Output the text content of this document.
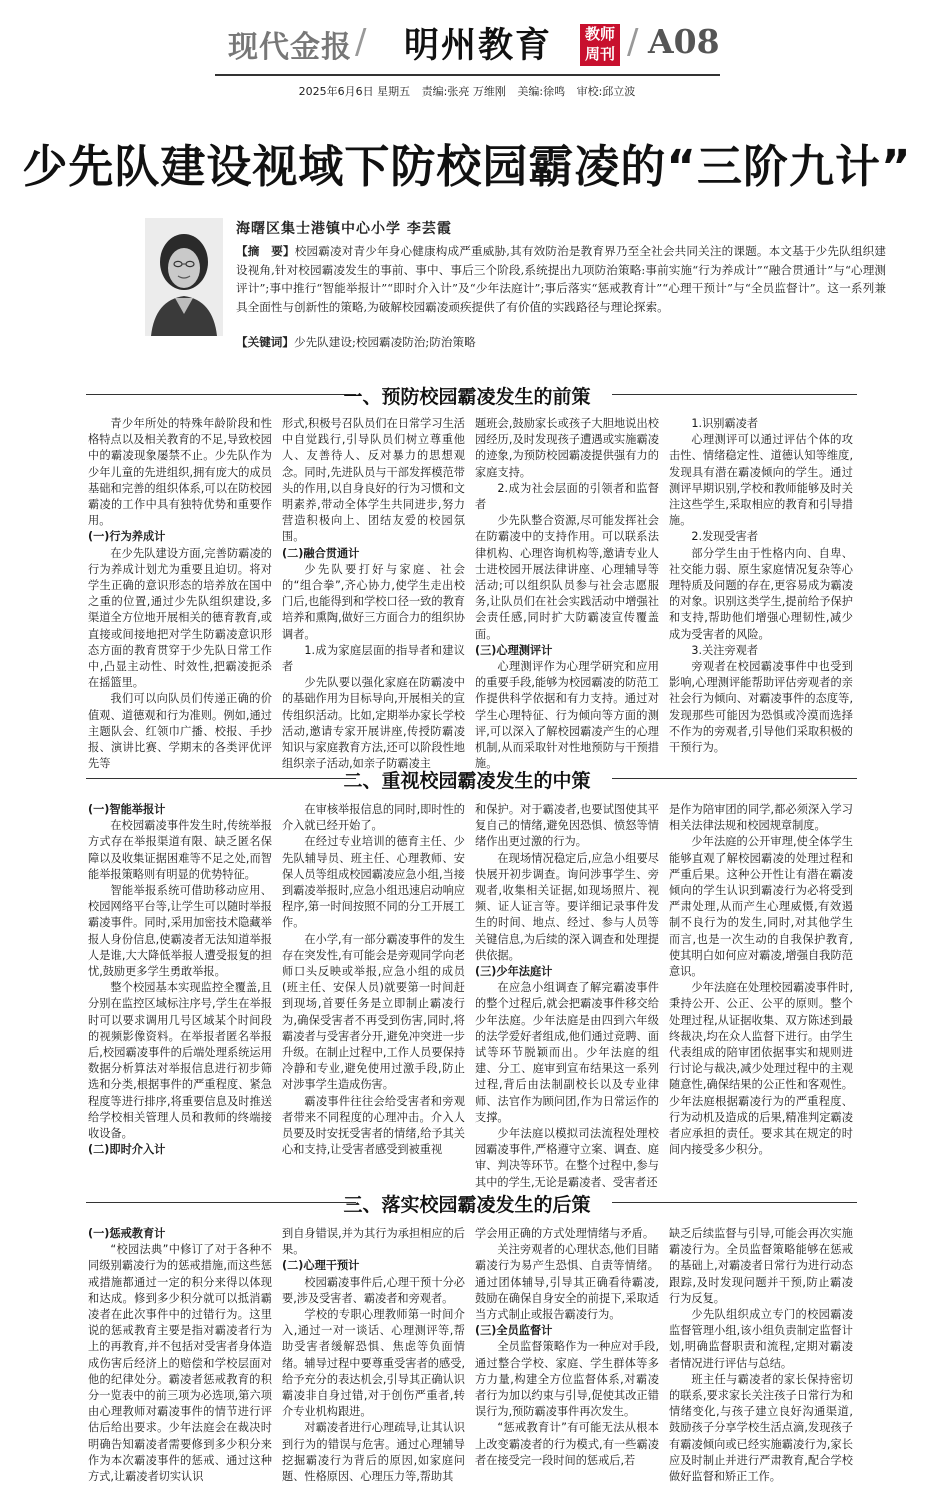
现代金报 / 明州教育	教师
周刊 / A08
2025年6月6日 星期五 责编:张亮 万维刚 美编:徐鸣 审校:邱立波
少先队建设视域下防校园霸凌的“三阶九计”
海曙区集士港镇中心小学 李芸霞
【摘　要】校园霸凌对青少年身心健康构成严重威胁,其有效防治是教育界乃至全社会共同关注的课题。本文基于少先队组织建设视角,针对校园霸凌发生的事前、事中、事后三个阶段,系统提出九项防治策略:事前实施“行为养成计”“融合贯通计”与“心理测评计”;事中推行“智能举报计”“即时介入计”及“少年法庭计”;事后落实“惩戒教育计”“心理干预计”与“全员监督计”。这一系列兼具全面性与创新性的策略,为破解校园霸凌顽疾提供了有价值的实践路径与理论探索。
【关键词】少先队建设;校园霸凌防治;防治策略
一、预防校园霸凌发生的前策

青少年所处的特殊年龄阶段和性格特点以及相关教育的不足,导致校园中的霸凌现象屡禁不止。少先队作为少年儿童的先进组织,拥有庞大的成员基础和完善的组织体系,可以在防校园霸凌的工作中具有独特优势和重要作用。

(一)行为养成计

在少先队建设方面,完善防霸凌的行为养成计划尤为重要且迫切。将对学生正确的意识形态的培养放在国中之重的位置,通过少先队组织建设,多渠道全方位地开展相关的德育教育,或直接或间接地把对学生防霸凌意识形态方面的教育贯穿于少先队日常工作中,凸显主动性、时效性,把霸凌扼杀在摇篮里。

我们可以向队员们传递正确的价值观、道德观和行为准则。例如,通过主题队会、红领巾广播、校报、手抄报、演讲比赛、学期末的各类评优评先等

形式,积极号召队员们在日常学习生活中自觉践行,引导队员们树立尊重他人、友善待人、反对暴力的思想观念。同时,先进队员与干部发挥模范带头的作用,以自身良好的行为习惯和文明素养,带动全体学生共同进步,努力营造积极向上、团结友爱的校园氛围。

(二)融合贯通计

少先队要打好与家庭、社会的“组合拳”,齐心协力,使学生走出校门后,也能得到和学校口径一致的教育培养和熏陶,做好三方面合力的组织协调者。

1.成为家庭层面的指导者和建议者

少先队要以强化家庭在防霸凌中的基础作用为目标导向,开展相关的宣传组织活动。比如,定期举办家长学校活动,邀请专家开展讲座,传授防霸凌知识与家庭教育方法,还可以阶段性地组织亲子活动,如亲子防霸凌主

题班会,鼓励家长或孩子大胆地说出校园经历,及时发现孩子遭遇或实施霸凌的迹象,为预防校园霸凌提供强有力的家庭支持。

2.成为社会层面的引领者和监督者

少先队整合资源,尽可能发挥社会在防霸凌中的支持作用。可以联系法律机构、心理咨询机构等,邀请专业人士进校园开展法律讲座、心理辅导等活动;可以组织队员参与社会志愿服务,让队员们在社会实践活动中增强社会责任感,同时扩大防霸凌宣传覆盖面。

(三)心理测评计

心理测评作为心理学研究和应用的重要手段,能够为校园霸凌的防范工作提供科学依据和有力支持。通过对学生心理特征、行为倾向等方面的测评,可以深入了解校园霸凌产生的心理机制,从而采取针对性地预防与干预措施。

1.识别霸凌者

心理测评可以通过评估个体的攻击性、情绪稳定性、道德认知等维度,发现具有潜在霸凌倾向的学生。通过测评早期识别,学校和教师能够及时关注这些学生,采取相应的教育和引导措施。

2.发现受害者

部分学生由于性格内向、自卑、社交能力弱、原生家庭情况复杂等心理特质及问题的存在,更容易成为霸凌的对象。识别这类学生,提前给予保护和支持,帮助他们增强心理韧性,减少成为受害者的风险。

3.关注旁观者

旁观者在校园霸凌事件中也受到影响,心理测评能帮助评估旁观者的亲社会行为倾向、对霸凌事件的态度等,发现那些可能因为恐惧或冷漠而选择不作为的旁观者,引导他们采取积极的干预行为。

二、重视校园霸凌发生的中策

(一)智能举报计

在校园霸凌事件发生时,传统举报方式存在举报渠道有限、缺乏匿名保障以及收集证据困难等不足之处,而智能举报策略则有明显的优势特征。

智能举报系统可借助移动应用、校园网络平台等,让学生可以随时举报霸凌事件。同时,采用加密技术隐藏举报人身份信息,使霸凌者无法知道举报人是谁,大大降低举报人遭受报复的担忧,鼓励更多学生勇敢举报。

整个校园基本实现监控全覆盖,且分别在监控区域标注序号,学生在举报时可以要求调用几号区域某个时间段的视频影像资料。在举报者匿名举报后,校园霸凌事件的后端处理系统运用数据分析算法对举报信息进行初步筛选和分类,根据事件的严重程度、紧急程度等进行排序,将重要信息及时推送给学校相关管理人员和教师的终端接收设备。

(二)即时介入计

在审核举报信息的同时,即时性的介入就已经开始了。

在经过专业培训的德育主任、少先队辅导员、班主任、心理教师、安保人员等组成校园霸凌应急小组,当接到霸凌举报时,应急小组迅速启动响应程序,第一时间按照不同的分工开展工作。

在小学,有一部分霸凌事件的发生存在突发性,有可能会是旁观同学向老师口头反映或举报,应急小组的成员(班主任、安保人员)就要第一时间赶到现场,首要任务是立即制止霸凌行为,确保受害者不再受到伤害,同时,将霸凌者与受害者分开,避免冲突进一步升级。在制止过程中,工作人员要保持冷静和专业,避免使用过激手段,防止对涉事学生造成伤害。

霸凌事件往往会给受害者和旁观者带来不同程度的心理冲击。介入人员要及时安抚受害者的情绪,给予其关心和支持,让受害者感受到被重视

和保护。对于霸凌者,也要试图使其平复自己的情绪,避免因恐惧、愤怒等情绪作出更过激的行为。

在现场情况稳定后,应急小组要尽快展开初步调查。询问涉事学生、旁观者,收集相关证据,如现场照片、视频、证人证言等。要详细记录事件发生的时间、地点、经过、参与人员等关键信息,为后续的深入调查和处理提供依据。

(三)少年法庭计

在应急小组调查了解完霸凌事件的整个过程后,就会把霸凌事件移交给少年法庭。少年法庭是由四到六年级的法学爱好者组成,他们通过竞聘、面试等环节脱颖而出。少年法庭的组建、分工、庭审到宣布结果这一系列过程,背后由法制副校长以及专业律师、法官作为顾问团,作为日常运作的支撑。

少年法庭以模拟司法流程处理校园霸凌事件,严格遵守立案、调查、庭审、判决等环节。在整个过程中,参与其中的学生,无论是霸凌者、受害者还

是作为陪审团的同学,都必须深入学习相关法律法规和校园规章制度。

少年法庭的公开审理,使全体学生能够直观了解校园霸凌的处理过程和严重后果。这种公开性让有潜在霸凌倾向的学生认识到霸凌行为必将受到严肃处理,从而产生心理威慑,有效遏制不良行为的发生,同时,对其他学生而言,也是一次生动的自我保护教育,使其明白如何应对霸凌,增强自我防范意识。

少年法庭在处理校园霸凌事件时,秉持公开、公正、公平的原则。整个处理过程,从证据收集、双方陈述到最终裁决,均在众人监督下进行。由学生代表组成的陪审团依据事实和规则进行讨论与裁决,减少处理过程中的主观随意性,确保结果的公正性和客观性。少年法庭根据霸凌行为的严重程度、行为动机及造成的后果,精准判定霸凌者应承担的责任。要求其在规定的时间内接受多少积分。

三、落实校园霸凌发生的后策

(一)惩戒教育计

“校园法典”中修订了对于各种不同级别霸凌行为的惩戒措施,而这些惩戒措施都通过一定的积分来得以体现和达成。修到多少积分就可以抵消霸凌者在此次事件中的过错行为。这里说的惩戒教育主要是指对霸凌者行为上的再教育,并不包括对受害者身体造成伤害后经济上的赔偿和学校层面对他的纪律处分。霸凌者惩戒教育的积分一览表中的前三项为必选项,第六项由心理教师对霸凌事件的情节进行评估后给出要求。少年法庭会在裁决时明确告知霸凌者需要修到多少积分来作为本次霸凌事件的惩戒、通过这种方式,让霸凌者切实认识

到自身错误,并为其行为承担相应的后果。

(二)心理干预计

校园霸凌事件后,心理干预十分必要,涉及受害者、霸凌者和旁观者。

学校的专职心理教师第一时间介入,通过一对一谈话、心理测评等,帮助受害者缓解恐惧、焦虑等负面情绪。辅导过程中要尊重受害者的感受,给予充分的表达机会,引导其正确认识霸凌非自身过错,对于创伤严重者,转介专业机构跟进。

对霸凌者进行心理疏导,让其认识到行为的错误与危害。通过心理辅导挖掘霸凌行为背后的原因,如家庭问题、性格原因、心理压力等,帮助其

学会用正确的方式处理情绪与矛盾。

关注旁观者的心理状态,他们目睹霸凌行为易产生恐惧、自责等情绪。通过团体辅导,引导其正确看待霸凌,鼓励在确保自身安全的前提下,采取适当方式制止或报告霸凌行为。

(三)全员监督计

全员监督策略作为一种应对手段,通过整合学校、家庭、学生群体等多方力量,构建全方位监督体系,对霸凌者行为加以约束与引导,促使其改正错误行为,预防霸凌事件再次发生。

“惩戒教育计”有可能无法从根本上改变霸凌者的行为模式,有一些霸凌者在接受完一段时间的惩戒后,若

缺乏后续监督与引导,可能会再次实施霸凌行为。全员监督策略能够在惩戒的基础上,对霸凌者日常行为进行动态跟踪,及时发现问题并干预,防止霸凌行为反复。

少先队组织成立专门的校园霸凌监督管理小组,该小组负责制定监督计划,明确监督职责和流程,定期对霸凌者情况进行评估与总结。

班主任与霸凌者的家长保持密切的联系,要求家长关注孩子日常行为和情绪变化,与孩子建立良好沟通渠道,鼓励孩子分享学校生活点滴,发现孩子有霸凌倾向或已经实施霸凌行为,家长应及时制止并进行严肃教育,配合学校做好监督和矫正工作。
